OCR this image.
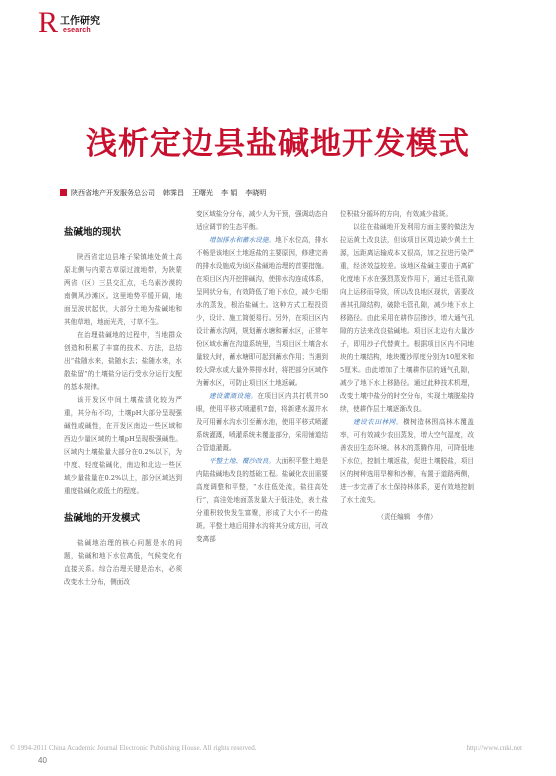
R 工作研究
esearch
浅析定边县盐碱地开发模式
陕西省地产开发服务总公司 韩霁昌 王曙光 李 娟 李晓明

盐碱地的现状

陕西省定边县堆子梁镇地处黄土高原北侧与内蒙古草原过渡地带，为陕蒙两省（区）三县交汇点，毛乌素沙漠的南侧风沙滩区。这里地势平缓开阔，地面呈波状起伏，大部分土地为盐碱地和其他草地，地面光秃，寸草不生。

在治理盐碱地的过程中，当地群众创造和积累了丰富的技术、方法，总结出“盐随水来，盐随水去；盐随水来，水散盐留”的土壤盐分运行受水分运行支配的基本规律。

该开发区中间土壤盐渍化较为严重，其分布不均，土壤pH大部分呈现强碱性或碱性，在开发区南边一些区域和西边少量区域的土壤pH呈现极强碱性。区域内土壤盐量大部分在0.2%以下，为中度、轻度盐碱化，南边和北边一些区域少量盐量在0.2%以上，部分区域达到重度盐碱化或低土的程度。

盐碱地的开发模式

盐碱地治理的核心问题是水的问题，盐碱和地下水位离低，气候变化有直接关系。综合治理关键是治水，必须改变水土分布，侧面改

变区域盐分分布，减少人为干预，强调动态自适应调节的生态平衡。

增加排水和蓄水设施。地下水位高，排水不畅是该地区土地返盐的主要原因，修建完善的排水设施成为该区盐碱地治理的首要措施。在项目区内开挖排碱沟，使排水沟连成体系，呈网状分布，有效降低了地下水位，减少毛细水的蒸发，根治盐碱土。这种方式工程投资少，设计、施工简便易行。另外，在项目区内设计蓄水沟网，规划蓄水塘和蓄水区，正常年份区域水蓄在沟道系统里，当项目区土壤含水量较大时，蓄水塘即可起到蓄水作用；当遇到较大降水或大量外界排水时，将把部分区域作为蓄水区，可防止项目区土地返碱。

建设灌溉设施。在项目区内共打机井50眼，使用平移式喷灌机7套，将新建水源井水及可用蓄水沟水引至蓄水池，使用平移式喷灌系统灌溉，喷灌系统未覆盖部分，采用铺道结合管道灌溉。

平整土地、覆沙改良。大面积平整土地是内陆盐碱地改良的基础工程。盐碱化农田需要高度调整和平整，“水往低处流，盐往高处行”，高洼处地面蒸发量大于低洼处，表土盐分重积较快发生富聚，形成了大小不一的盐斑。平整土地后用排水沟将其分成方田，可改变离部

位积盐分循环的方向，有效减少盐斑。

以往在盐碱地开发利用方面主要的做法为拉运黄土改良法，但该项目区周边缺少黄土土源，远距离运输成本又很高，加之拉进污染严重，经济效益较差。该地区盐碱主要由于离矿化度地下水在强烈蒸发作用下，通过毛管孔隙向上运移而导致，所以改良地区现状，需要改善其孔隙结构，破除毛管孔隙，减少地下水上移路径。由此采用在耕作层掺沙，增大通气孔隙的方法来改良盐碱地。项目区北边有大量沙子，即用沙子代替黄土。根据项目区内不同地块的土壤结构，地块覆沙厚度分别为10厘米和5厘米。由此增加了土壤耕作层的通气孔隙，减少了地下水上移路径。通过此种技术机理，改变土壤中盐分的时空分布，实现土壤脱盐持续，使耕作层土壤逐渐改良。

建设农田林网。横树造林围高林木覆盖率，可有效减少农田蒸发，增大空气湿度，改善农田生态环境。林木的蒸腾作用，可降低地下水位，控制土壤返盐，促进土壤脱盐，项目区的树种选用旱柳和沙柳，布置于道路两侧，进一步完善了水土保持林体系，更有效地控制了水土流失。

（责任编辑　李倩）

© 1994-2011 China Academic Journal Electronic Publishing House. All rights reserved.	http://www.cnki.net
40
